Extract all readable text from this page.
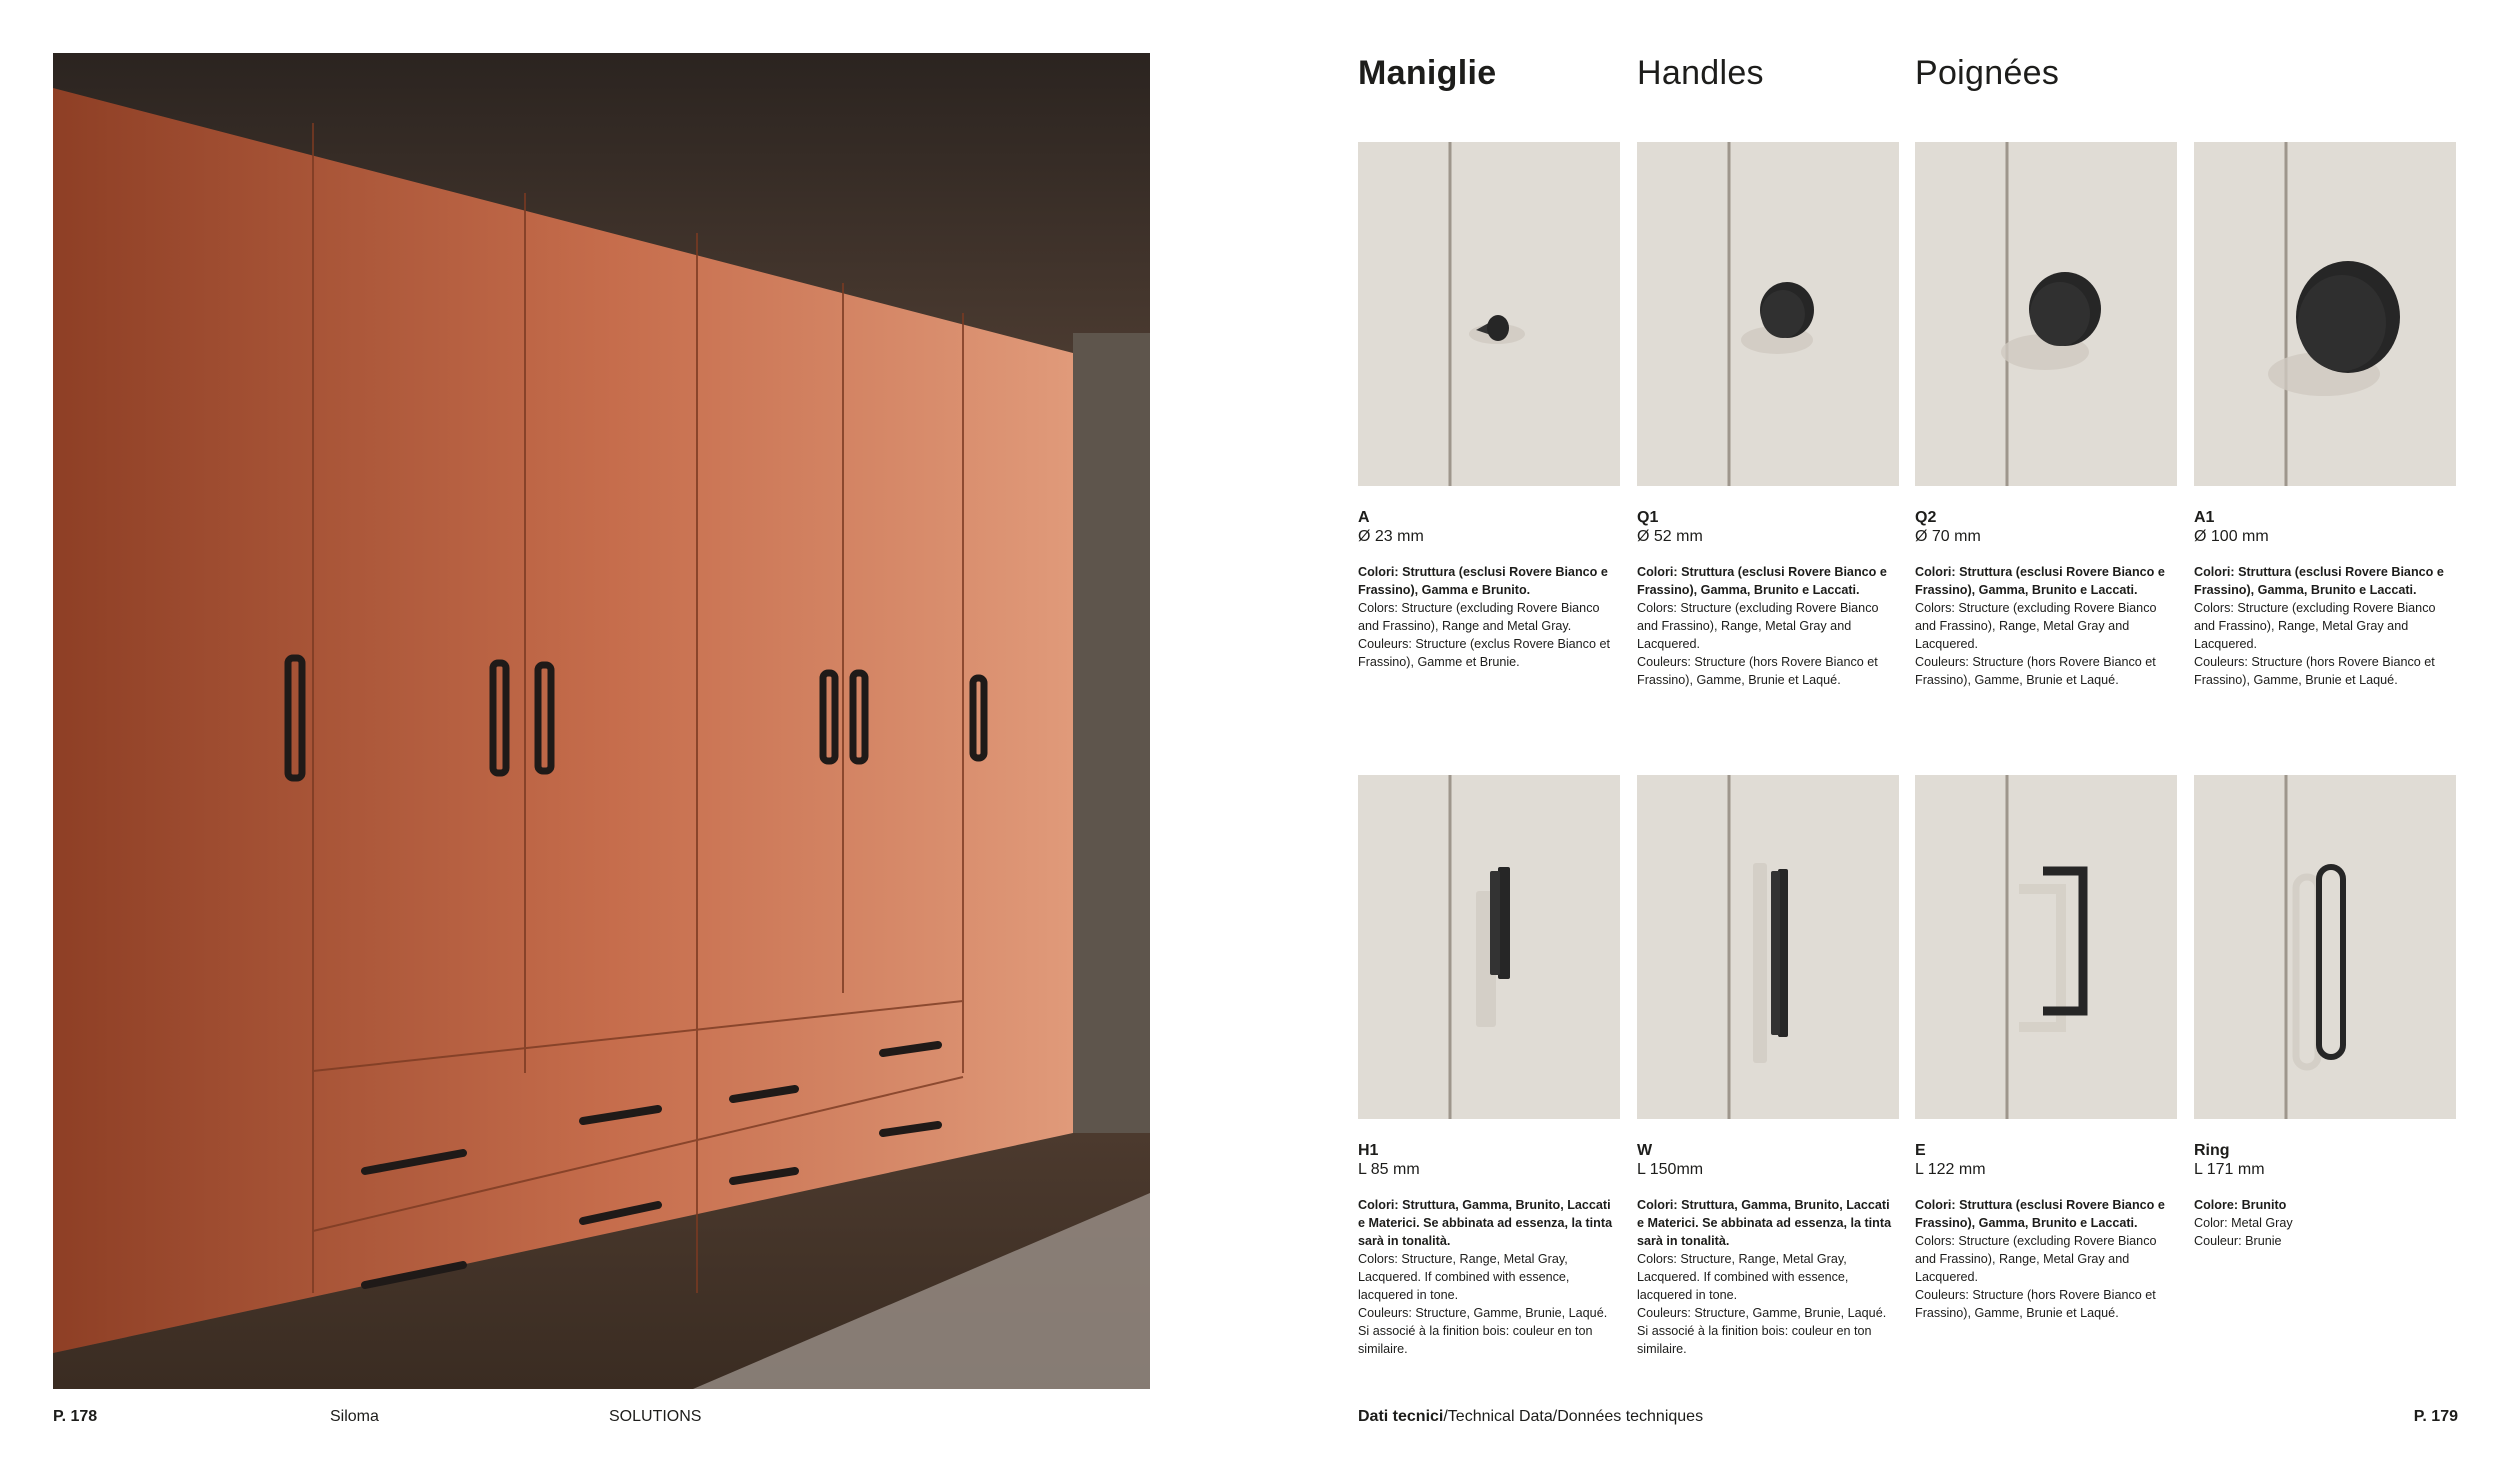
Maniglie	Handles	Poignées
A
Ø 23 mm
Colori: Struttura (esclusi Rovere Bianco e Frassino), Gamma e Brunito.
Colors: Structure (excluding Rovere Bianco and Frassino), Range and Metal Gray.
Couleurs: Structure (exclus Rovere Bianco et Frassino), Gamme et Brunie.
Q1
Ø 52 mm
Colori: Struttura (esclusi Rovere Bianco e Frassino), Gamma, Brunito e Laccati.
Colors: Structure (excluding Rovere Bianco and Frassino), Range, Metal Gray and Lacquered.
Couleurs: Structure (hors Rovere Bianco et Frassino), Gamme, Brunie et Laqué.
Q2
Ø 70 mm
Colori: Struttura (esclusi Rovere Bianco e Frassino), Gamma, Brunito e Laccati.
Colors: Structure (excluding Rovere Bianco and Frassino), Range, Metal Gray and Lacquered.
Couleurs: Structure (hors Rovere Bianco et Frassino), Gamme, Brunie et Laqué.
A1
Ø 100 mm
Colori: Struttura (esclusi Rovere Bianco e Frassino), Gamma, Brunito e Laccati.
Colors: Structure (excluding Rovere Bianco and Frassino), Range, Metal Gray and Lacquered.
Couleurs: Structure (hors Rovere Bianco et Frassino), Gamme, Brunie et Laqué.
H1
L 85 mm
Colori: Struttura, Gamma, Brunito, Laccati e Materici. Se abbinata ad essenza, la tinta sarà in tonalità.
Colors: Structure, Range, Metal Gray, Lacquered. If combined with essence, lacquered in tone.
Couleurs: Structure, Gamme, Brunie, Laqué. Si associé à la finition bois: couleur en ton similaire.
W
L 150mm
Colori: Struttura, Gamma, Brunito, Laccati e Materici. Se abbinata ad essenza, la tinta sarà in tonalità.
Colors: Structure, Range, Metal Gray, Lacquered. If combined with essence, lacquered in tone.
Couleurs: Structure, Gamme, Brunie, Laqué. Si associé à la finition bois: couleur en ton similaire.
E
L 122 mm
Colori: Struttura (esclusi Rovere Bianco e Frassino), Gamma, Brunito e Laccati.
Colors: Structure (excluding Rovere Bianco and Frassino), Range, Metal Gray and Lacquered.
Couleurs: Structure (hors Rovere Bianco et Frassino), Gamme, Brunie et Laqué.
Ring
L 171 mm
Colore: Brunito
Color: Metal Gray
Couleur: Brunie
P. 178	Siloma	SOLUTIONS	Dati tecnici/Technical Data/Données techniques	P. 179
